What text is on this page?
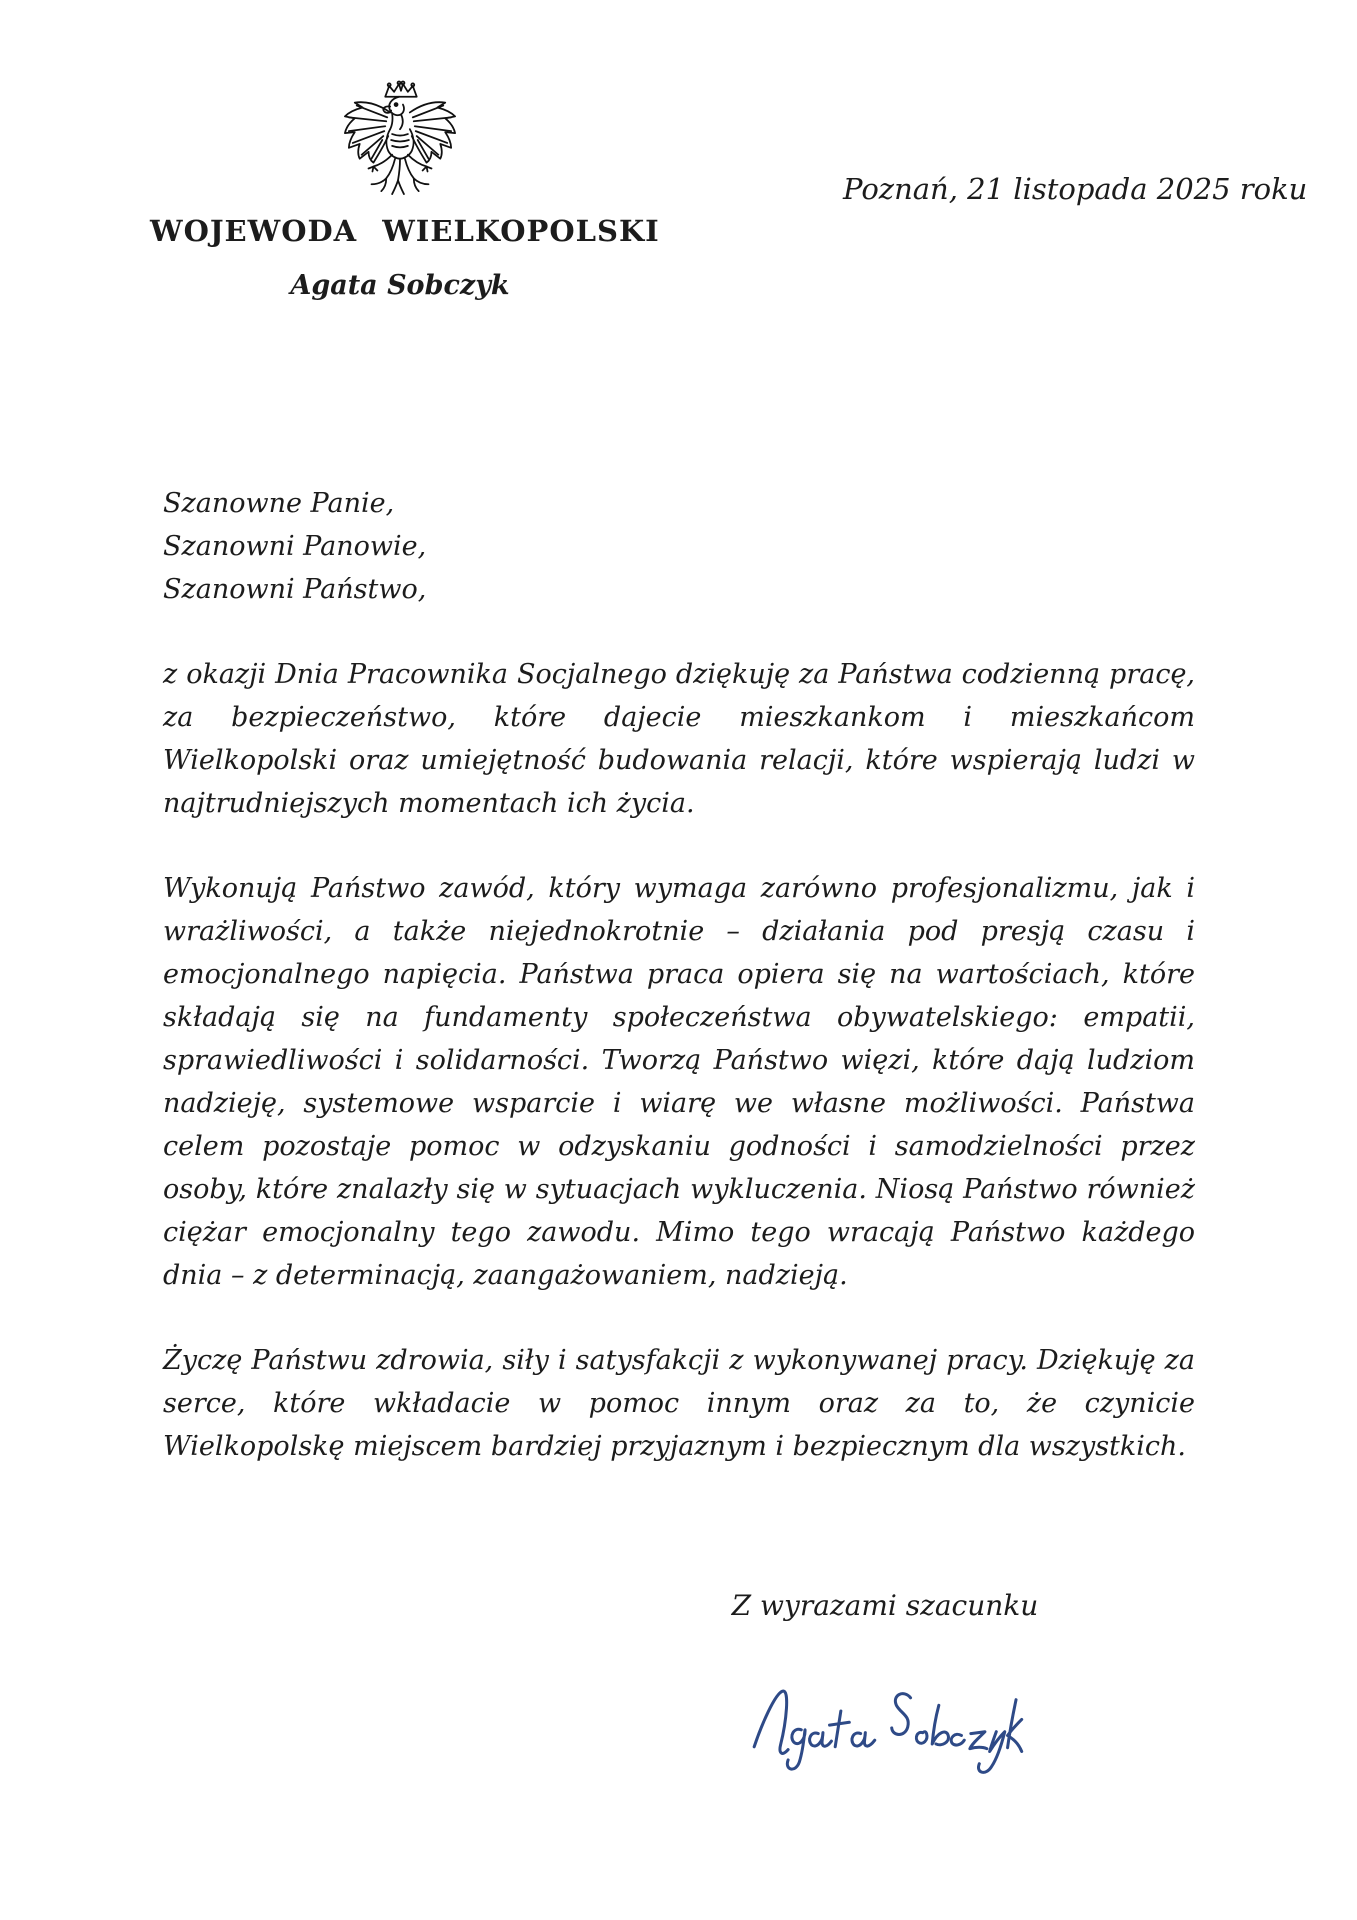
WOJEWODA WIELKOPOLSKI
Agata Sobczyk
Poznań, 21 listopada 2025 roku
Szanowne Panie,
Szanowni Panowie,
Szanowni Państwo,

z okazji Dnia Pracownika Socjalnego dziękuję za Państwa codzienną pracę, za bezpieczeństwo, które dajecie mieszkankom i mieszkańcom Wielkopolski oraz umiejętność budowania relacji, które wspierają ludzi w najtrudniejszych momentach ich życia.

Wykonują Państwo zawód, który wymaga zarówno profesjonalizmu, jak i wrażliwości, a także niejednokrotnie – działania pod presją czasu i emocjonalnego napięcia. Państwa praca opiera się na wartościach, które składają się na fundamenty społeczeństwa obywatelskiego: empatii, sprawiedliwości i solidarności. Tworzą Państwo więzi, które dają ludziom nadzieję, systemowe wsparcie i wiarę we własne możliwości. Państwa celem pozostaje pomoc w odzyskaniu godności i samodzielności przez osoby, które znalazły się w sytuacjach wykluczenia. Niosą Państwo również ciężar emocjonalny tego zawodu. Mimo tego wracają Państwo każdego dnia – z determinacją, zaangażowaniem, nadzieją.

Życzę Państwu zdrowia, siły i satysfakcji z wykonywanej pracy. Dziękuję za serce, które wkładacie w pomoc innym oraz za to, że czynicie Wielkopolskę miejscem bardziej przyjaznym i bezpiecznym dla wszystkich.

Z wyrazami szacunku
